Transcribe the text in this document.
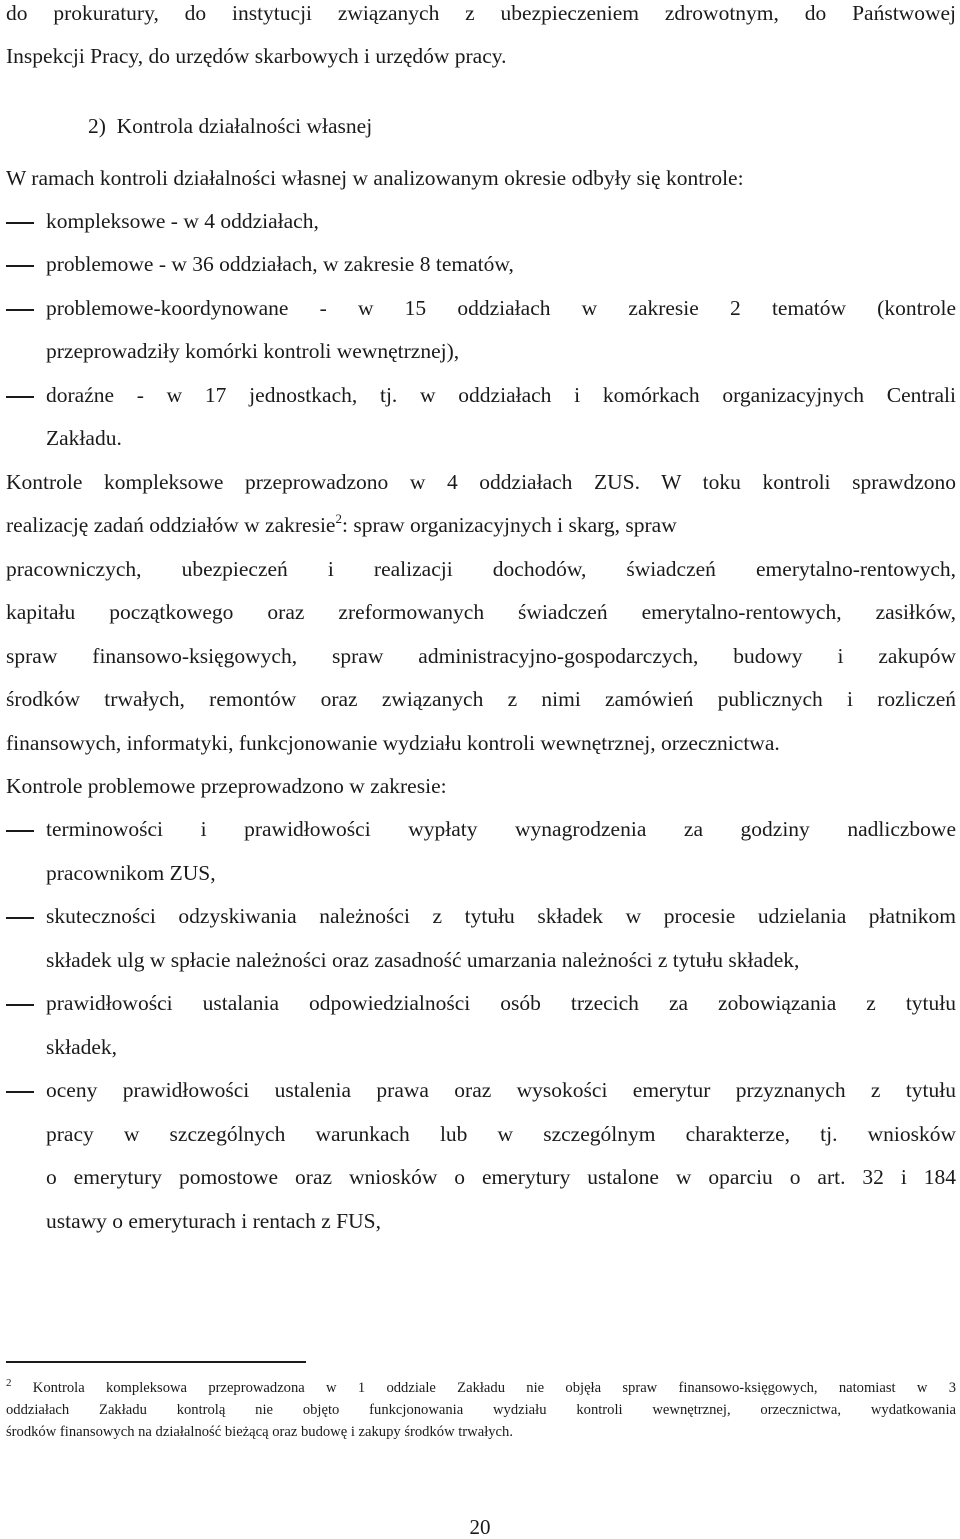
do prokuratury, do instytucji związanych z ubezpieczeniem zdrowotnym, do Państwowej
Inspekcji Pracy, do urzędów skarbowych i urzędów pracy.
2)  Kontrola działalności własnej
W ramach kontroli działalności własnej w analizowanym okresie odbyły się kontrole:
kompleksowe - w 4 oddziałach,
problemowe - w 36 oddziałach, w zakresie 8 tematów,
problemowe-koordynowane - w 15 oddziałach w zakresie 2 tematów (kontrole
przeprowadziły komórki kontroli wewnętrznej),
doraźne - w 17 jednostkach, tj. w oddziałach i komórkach organizacyjnych Centrali
Zakładu.
Kontrole kompleksowe przeprowadzono w 4 oddziałach ZUS. W toku kontroli sprawdzono
realizację zadań oddziałów w zakresie$^2$: spraw organizacyjnych i skarg, spraw
pracowniczych, ubezpieczeń i realizacji dochodów, świadczeń emerytalno-rentowych,
kapitału początkowego oraz zreformowanych świadczeń emerytalno-rentowych, zasiłków,
spraw finansowo-księgowych, spraw administracyjno-gospodarczych, budowy i zakupów
środków trwałych, remontów oraz związanych z nimi zamówień publicznych i rozliczeń
finansowych, informatyki, funkcjonowanie wydziału kontroli wewnętrznej, orzecznictwa.
Kontrole problemowe przeprowadzono w zakresie:
terminowości i prawidłowości wypłaty wynagrodzenia za godziny nadliczbowe
pracownikom ZUS,
skuteczności odzyskiwania należności z tytułu składek w procesie udzielania płatnikom
składek ulg w spłacie należności oraz zasadność umarzania należności z tytułu składek,
prawidłowości ustalania odpowiedzialności osób trzecich za zobowiązania z tytułu
składek,
oceny prawidłowości ustalenia prawa oraz wysokości emerytur przyznanych z tytułu
pracy w szczególnych warunkach lub w szczególnym charakterze, tj. wniosków
o emerytury pomostowe oraz wniosków o emerytury ustalone w oparciu o art. 32 i 184
ustawy o emeryturach i rentach z FUS,
$^2$ Kontrola kompleksowa przeprowadzona w 1 oddziale Zakładu nie objęła spraw finansowo-księgowych, natomiast w 3
oddziałach Zakładu kontrolą nie objęto funkcjonowania wydziału kontroli wewnętrznej, orzecznictwa, wydatkowania
środków finansowych na działalność bieżącą oraz budowę i zakupy środków trwałych.
20
